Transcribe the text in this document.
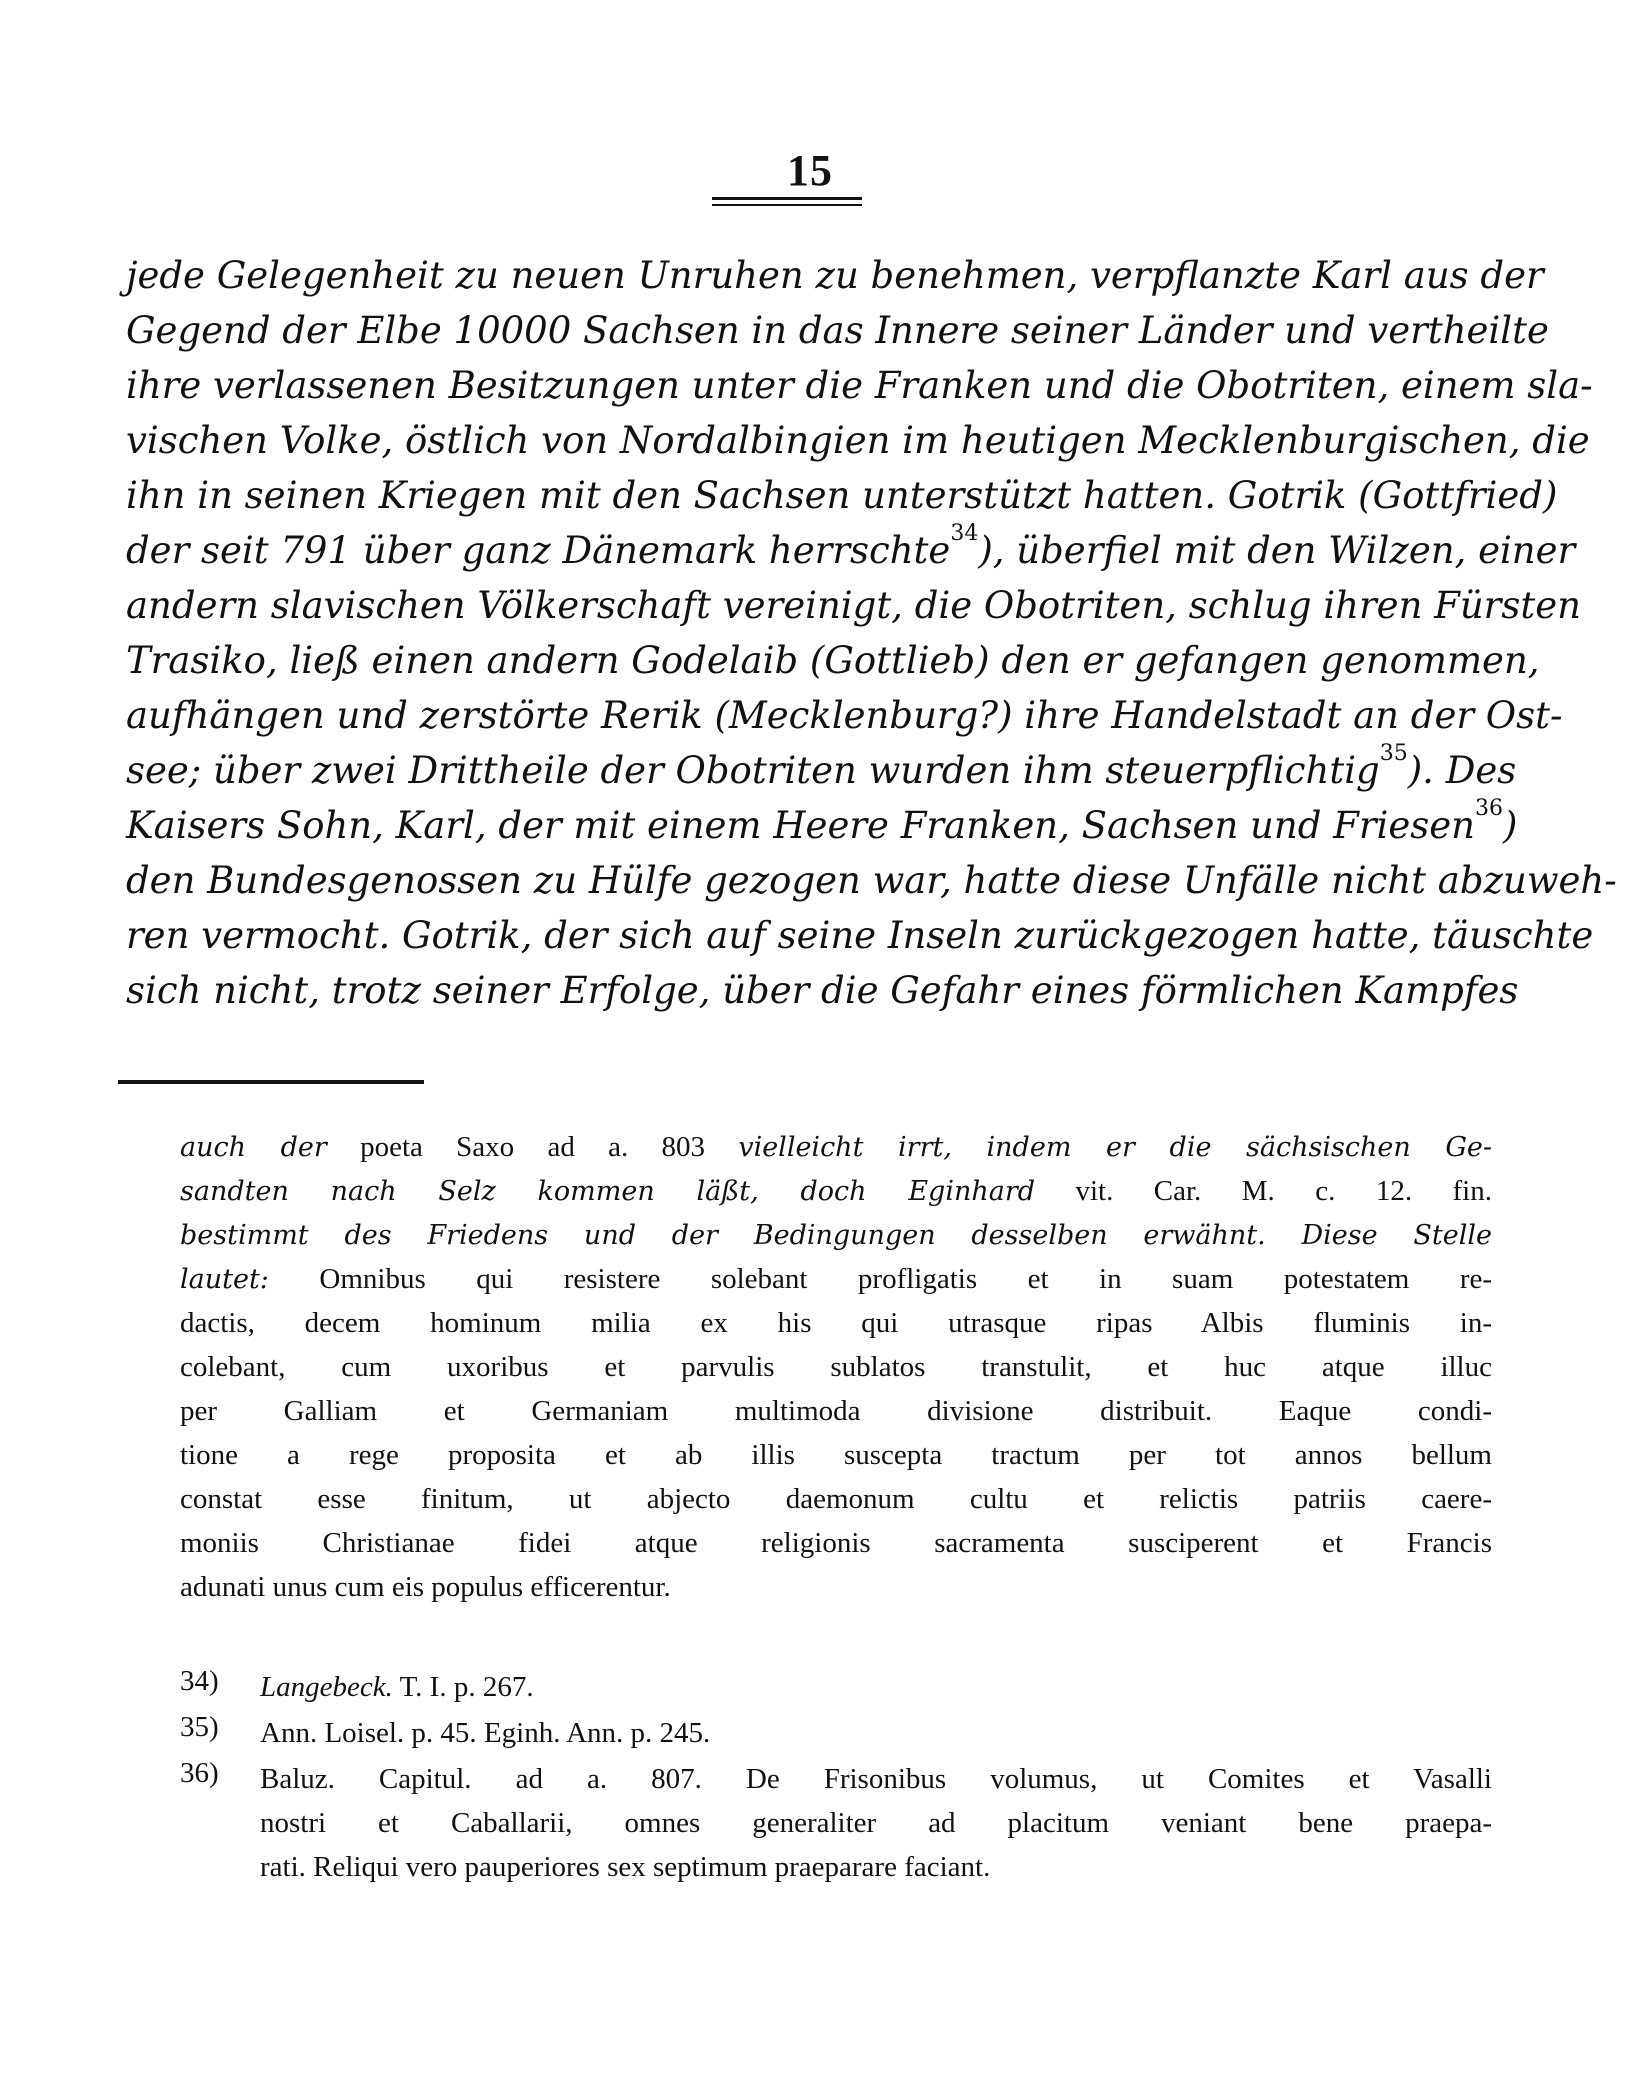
15
jede Gelegenheit zu neuen Unruhen zu benehmen, verpflanzte Karl aus der
Gegend der Elbe 10000 Sachsen in das Innere seiner Länder und vertheilte
ihre verlassenen Besitzungen unter die Franken und die Obotriten, einem sla-
vischen Volke, östlich von Nordalbingien im heutigen Mecklenburgischen, die
ihn in seinen Kriegen mit den Sachsen unterstützt hatten. Gotrik (Gottfried)
der seit 791 über ganz Dänemark herrschte$^{34}$), überfiel mit den Wilzen, einer
andern slavischen Völkerschaft vereinigt, die Obotriten, schlug ihren Fürsten
Trasiko, ließ einen andern Godelaib (Gottlieb) den er gefangen genommen,
aufhängen und zerstörte Rerik (Mecklenburg?) ihre Handelstadt an der Ost-
see; über zwei Drittheile der Obotriten wurden ihm steuerpflichtig$^{35}$). Des
Kaisers Sohn, Karl, der mit einem Heere Franken, Sachsen und Friesen$^{36}$)
den Bundesgenossen zu Hülfe gezogen war, hatte diese Unfälle nicht abzuweh-
ren vermocht. Gotrik, der sich auf seine Inseln zurückgezogen hatte, täuschte
sich nicht, trotz seiner Erfolge, über die Gefahr eines förmlichen Kampfes
auch der poeta Saxo ad a. 803 vielleicht irrt, indem er die sächsischen Ge-
sandten nach Selz kommen läßt, doch Eginhard vit. Car. M. c. 12. fin.
bestimmt des Friedens und der Bedingungen desselben erwähnt. Diese Stelle
lautet: Omnibus qui resistere solebant profligatis et in suam potestatem re-
dactis, decem hominum milia ex his qui utrasque ripas Albis fluminis in-
colebant, cum uxoribus et parvulis sublatos transtulit, et huc atque illuc
per Galliam et Germaniam multimoda divisione distribuit. Eaque condi-
tione a rege proposita et ab illis suscepta tractum per tot annos bellum
constat esse finitum, ut abjecto daemonum cultu et relictis patriis caere-
moniis Christianae fidei atque religionis sacramenta susciperent et Francis
adunati unus cum eis populus efficerentur.
34)	Langebeck. T. I. p. 267.
35)	Ann. Loisel. p. 45. Eginh. Ann. p. 245.
36)	Baluz. Capitul. ad a. 807. De Frisonibus volumus, ut Comites et Vasalli
nostri et Caballarii, omnes generaliter ad placitum veniant bene praepa-
rati. Reliqui vero pauperiores sex septimum praeparare faciant.
